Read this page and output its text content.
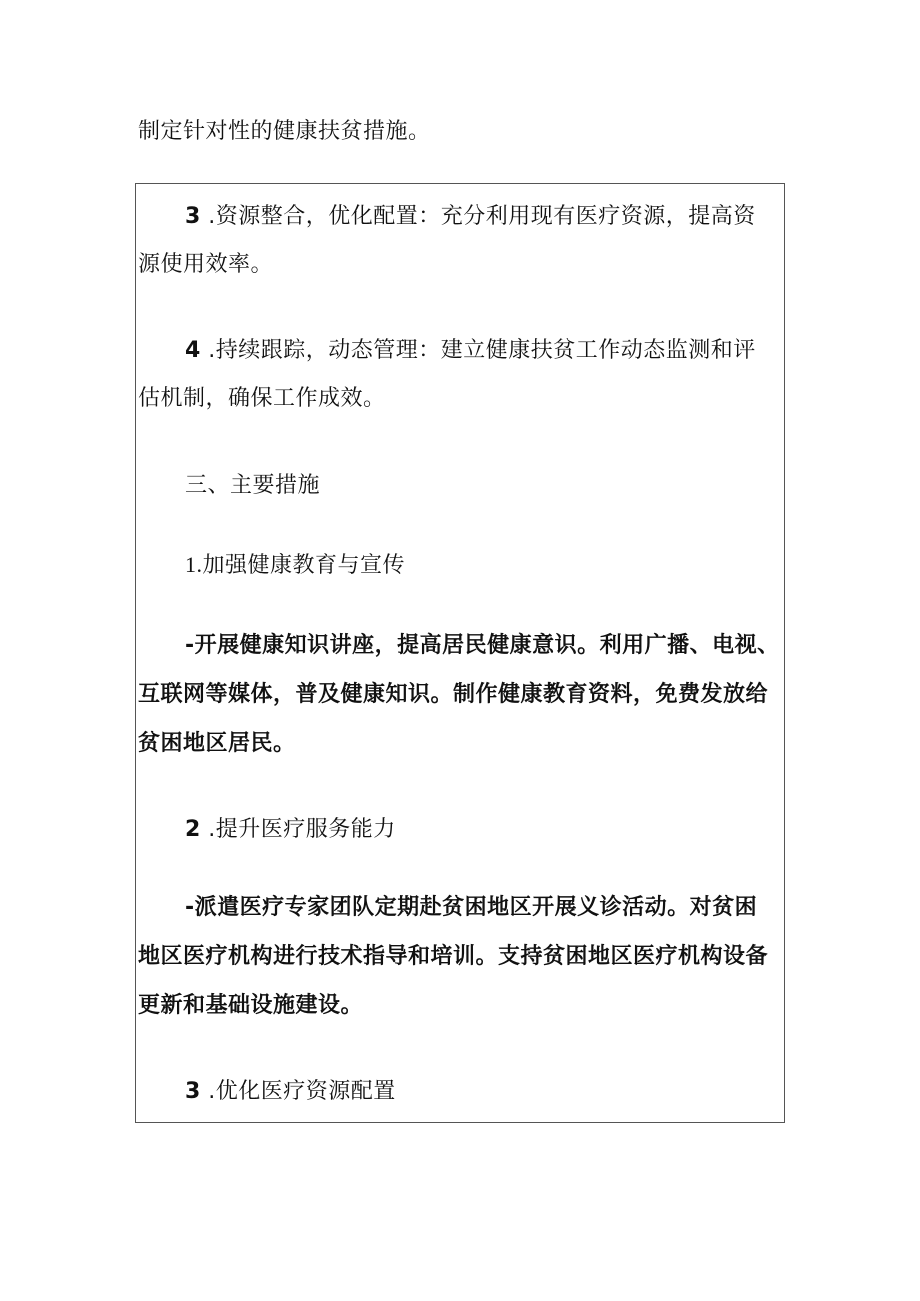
制定针对性的健康扶贫措施。
3 .资源整合，优化配置：充分利用现有医疗资源，提高资
源使用效率。
4 .持续跟踪，动态管理：建立健康扶贫工作动态监测和评
估机制，确保工作成效。
三、主要措施
1.加强健康教育与宣传
-开展健康知识讲座，提高居民健康意识。利用广播、电视、
互联网等媒体，普及健康知识。制作健康教育资料，免费发放给
贫困地区居民。
2 .提升医疗服务能力
-派遣医疗专家团队定期赴贫困地区开展义诊活动。对贫困
地区医疗机构进行技术指导和培训。支持贫困地区医疗机构设备
更新和基础设施建设。
3 .优化医疗资源配置
